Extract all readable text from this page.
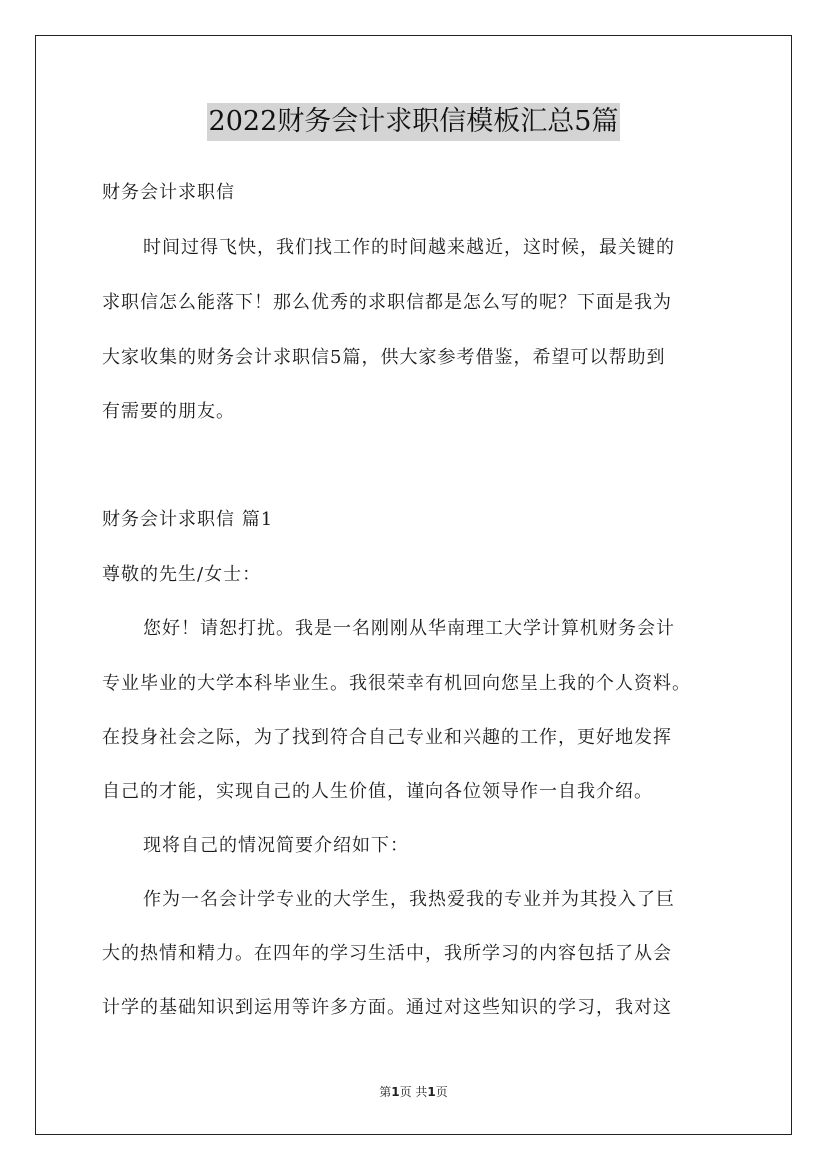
2022财务会计求职信模板汇总5篇
财务会计求职信
时间过得飞快，我们找工作的时间越来越近，这时候，最关键的
求职信怎么能落下！那么优秀的求职信都是怎么写的呢？下面是我为
大家收集的财务会计求职信5篇，供大家参考借鉴，希望可以帮助到
有需要的朋友。
财务会计求职信 篇1
尊敬的先生/女士：
您好！请恕打扰。我是一名刚刚从华南理工大学计算机财务会计
专业毕业的大学本科毕业生。我很荣幸有机回向您呈上我的个人资料。
在投身社会之际，为了找到符合自己专业和兴趣的工作，更好地发挥
自己的才能，实现自己的人生价值，谨向各位领导作一自我介绍。
现将自己的情况简要介绍如下：
作为一名会计学专业的大学生，我热爱我的专业并为其投入了巨
大的热情和精力。在四年的学习生活中，我所学习的内容包括了从会
计学的基础知识到运用等许多方面。通过对这些知识的学习，我对这
第1页 共1页
